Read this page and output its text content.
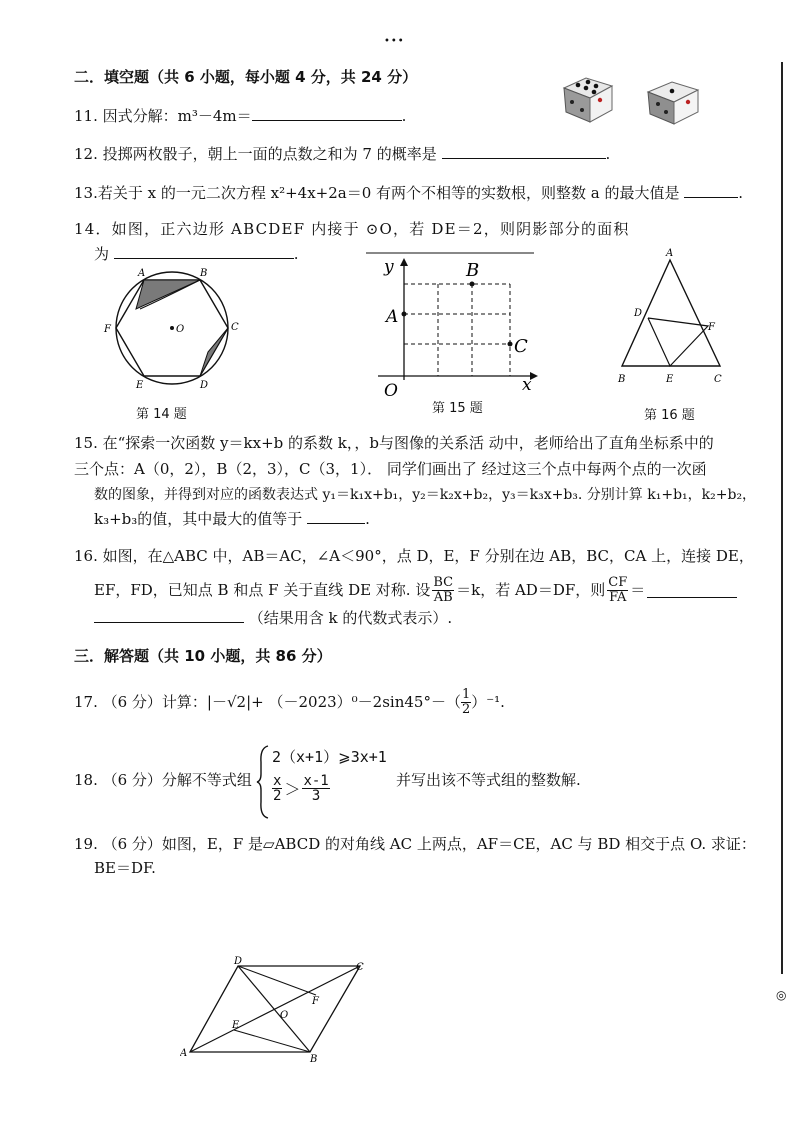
•••
◎
二．填空题（共 6 小题，每小题 4 分，共 24 分）
11. 因式分解：m³－4m＝	.
12. 投掷两枚骰子，朝上一面的点数之和为 7 的概率是	.
13.若关于 x 的一元二次方程 x²+4x+2a＝0 有两个不相等的实数根，则整数 a 的最大值是	.
14．如图，正六边形 ABCDEF 内接于 ⊙O，若 DE＝2，则阴影部分的面积
为	.
A	B
C
D
E
F	O
第 14 题
y
x
O
A
B
C
第 15 题
A
B	C
D
E
F
第 16 题
15. 在“探索一次函数 y＝kx+b 的系数 k，，b与图像的关系活 动中，老师给出了直角坐标系中的
三个点：A（0，2），B（2，3），C（3，1）． 同学们画出了 经过这三个点中每两个点的一次函
数的图象，并得到对应的函数表达式 y₁＝k₁x+b₁，y₂＝k₂x+b₂，y₃＝k₃x+b₃. 分别计算 k₁+b₁，k₂+b₂，
k₃+b₃的值，其中最大的值等于	.
16. 如图，在△ABC 中，AB＝AC，∠A＜90°，点 D，E，F 分别在边 AB，BC，CA 上，连接 DE，
EF，FD，已知点 B 和点 F 关于直线 DE 对称. 设 $\frac{BC}{AB} =k$，若 AD＝DF，则 $\frac{CF}{FA}$ ＝
（结果用含 k 的代数式表示）.
三．解答题（共 10 小题，共 86 分）
17. （6 分）计算：$|-√2|+ (-2023)^0-2\sin 45^\circ-( \frac{1}{2} )^{-1}$.
18. （6 分）分解不等式组
2（x+1）⩾3x+1
$\frac{x}{2} > \frac{x-1}{3}$	并写出该不等式组的整数解.
19. （6 分）如图，E，F 是▱ABCD 的对角线 AC 上两点，AF＝CE，AC 与 BD 相交于点 O. 求证：
BE＝DF.
D
C
A
B
E
F
O
